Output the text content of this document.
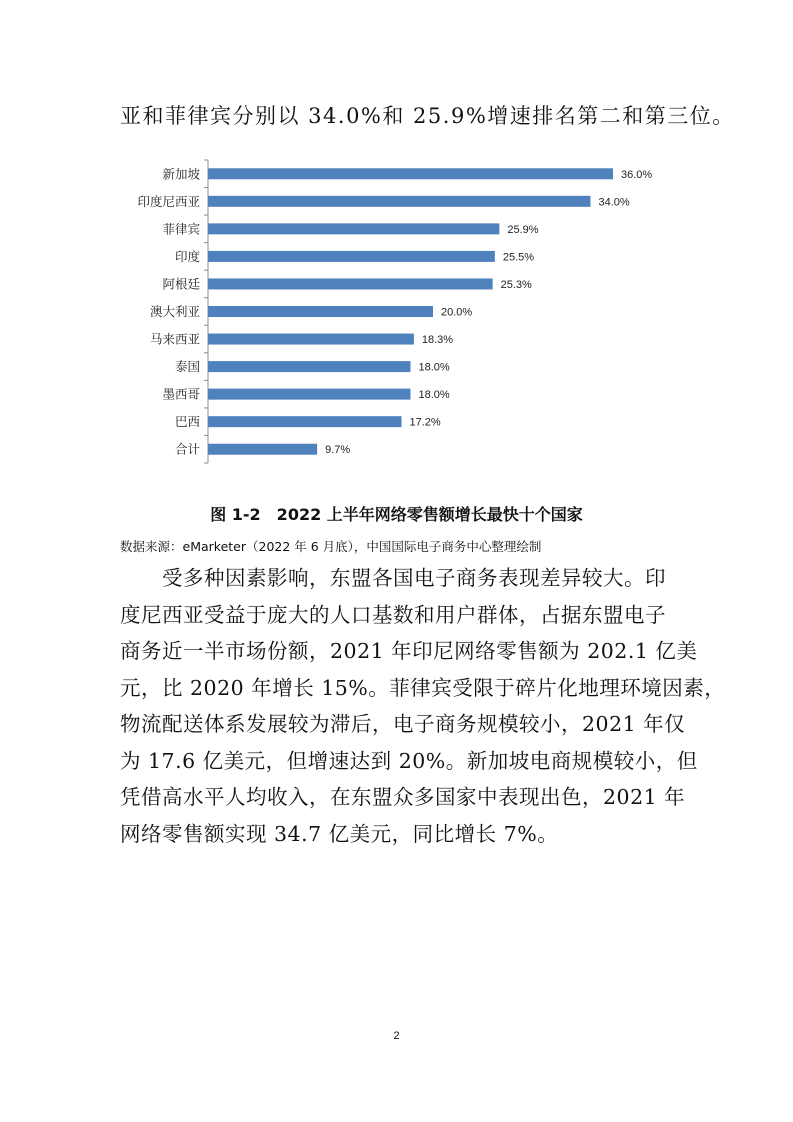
亚和菲律宾分别以 34.0%和 25.9%增速排名第二和第三位。
新加坡	36.0%
印度尼西亚	34.0%
菲律宾	25.9%
印度	25.5%
阿根廷	25.3%
澳大利亚	20.0%
马来西亚	18.3%
泰国	18.0%
墨西哥	18.0%
巴西	17.2%
合计	9.7%
图 1-2　2022 上半年网络零售额增长最快十个国家
数据来源：eMarketer（2022 年 6 月底），中国国际电子商务中心整理绘制
　　受多种因素影响，东盟各国电子商务表现差异较大。印
度尼西亚受益于庞大的人口基数和用户群体，占据东盟电子
商务近一半市场份额，2021 年印尼网络零售额为 202.1 亿美
元，比 2020 年增长 15%。菲律宾受限于碎片化地理环境因素，
物流配送体系发展较为滞后，电子商务规模较小，2021 年仅
为 17.6 亿美元，但增速达到 20%。新加坡电商规模较小，但
凭借高水平人均收入，在东盟众多国家中表现出色，2021 年
网络零售额实现 34.7 亿美元，同比增长 7%。
2
